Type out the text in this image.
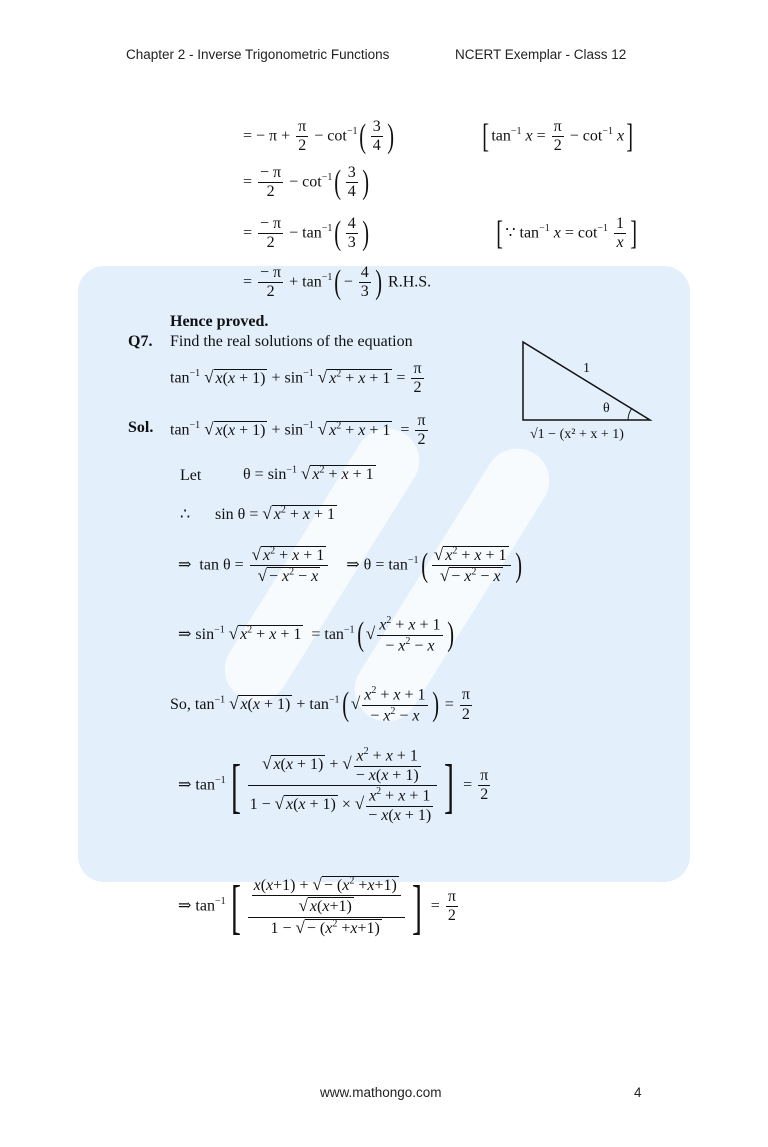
Chapter 2 - Inverse Trigonometric Functions	NCERT Exemplar - Class 12
= − $\pi + \frac{\pi}{2} - \cot^{-1}( \frac{3}{4}$ )	[ $\tan^{-1} x = \frac{\pi}{2} - \cot^{-1} x$]
= $\frac{- \pi}{2} - \cot^{-1}( \frac{3}{4}$ )
= $\frac{- \pi}{2} - \tan^{-1}( \frac{4}{3}$ )	[ ∵ $\tan^{-1} x = \cot^{-1} \frac{1}{x}$ ]
= $\frac{- \pi}{2} + \tan^{-1}( - \frac{4}{3}$ ) R.H.S.
Hence proved.
Q7. Find the real solutions of the equation
$\tan^{-1}$ √ $x(x + 1) + \sin^{-1}$ √ $x^2 + x + 1 = \frac{\pi}{2}$	1
θ
√1 − (x² + x + 1)
Sol. $\tan^{-1}$ √ $x(x + 1) + \sin^{-1}$ √ $x^2 + x + 1 = \frac{\pi}{2}$
Let	$\theta = \sin^{-1}$ √ $x^2 + x + 1$
∴ sin θ = √ $x^2 + x + 1$
⇒  $\tan \theta = \frac{√ x^2 + x + 1}{√ - x^2 - x}$ ⇒ $\theta = \tan^{-1}( \frac{√ x^2 + x + 1}{√ - x^2 - x}$ )
⇒ $\sin^{-1}$ √ $x^2 + x + 1 = \tan^{-1}$( √ $\frac{x^2 + x + 1}{- x^2 - x}$ )
So, $\tan^{-1}$ √ $x(x + 1) + \tan^{-1}$( √ $\frac{x^2 + x + 1}{- x^2 - x}$ ) = $\frac{\pi}{2}$
⇒ $\tan^{-1}[ \frac{√ x(x + 1) + √ \frac{x^2 + x + 1}{- x(x + 1)}}{1 - √ x(x + 1) \times √ \frac{x^2 + x + 1}{- x(x + 1)}}$ ] = $\frac{\pi}{2}$
⇒ $\tan^{-1}[ \frac{\frac{x(x+1) + √ - (x^2 +x+1)}{√ x(x+1)}}{1 - √ - (x^2 +x+1)}$ ] = $\frac{\pi}{2}$
www.mathongo.com	4
